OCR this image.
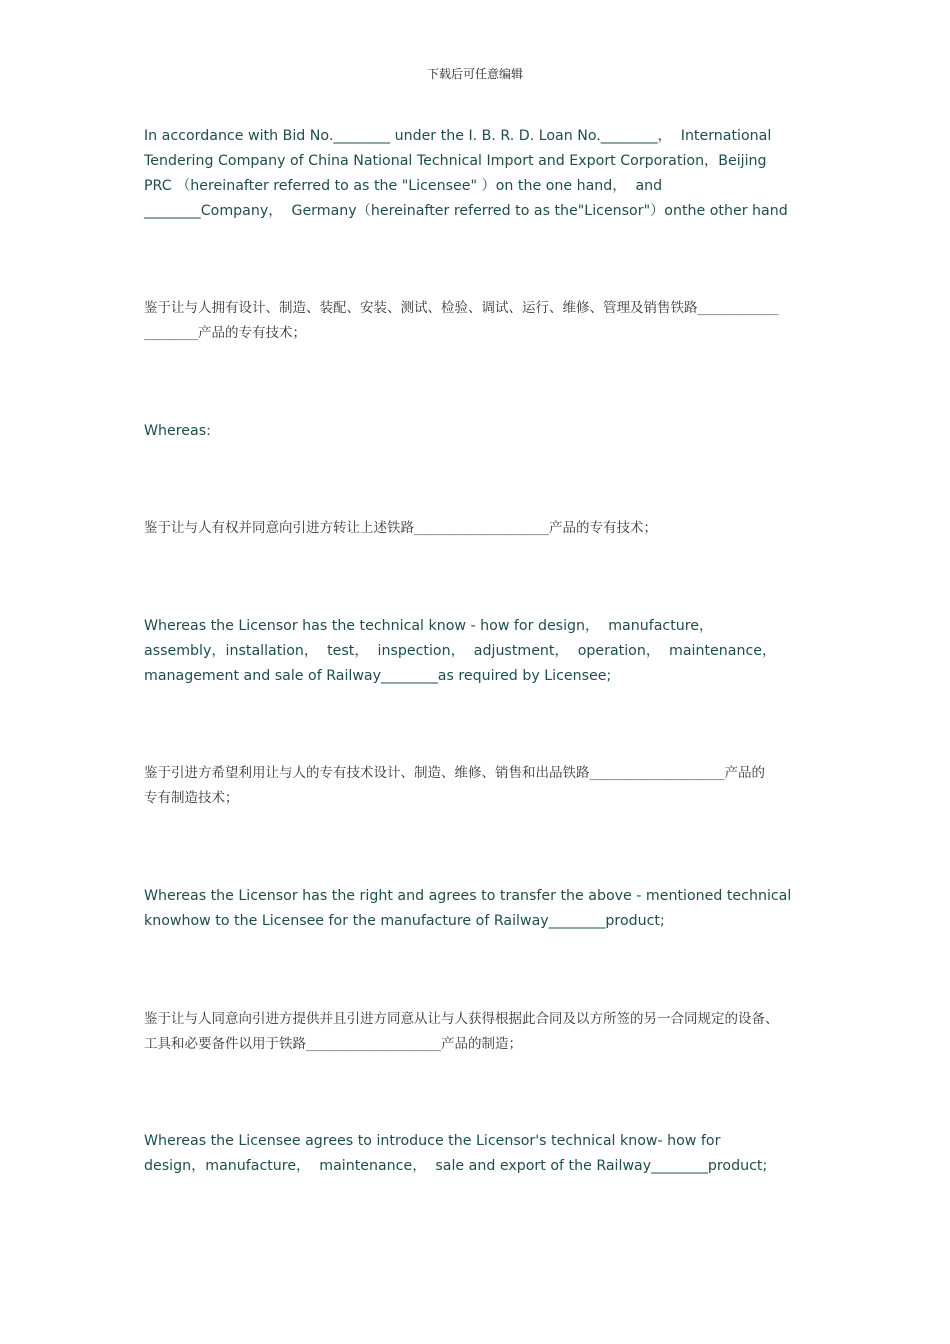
下载后可任意编辑
In accordance with Bid No.________ under the I. B. R. D. Loan No.________，  International
Tendering Company of China National Technical Import and Export Corporation，Beijing
PRC （hereinafter referred to as the "Licensee" ）on the one hand，  and
________Company，  Germany（hereinafter referred to as the"Licensor"）onthe other hand
鉴于让与人拥有设计、制造、装配、安装、测试、检验、调试、运行、维修、管理及销售铁路____________
________产品的专有技术；
Whereas:
鉴于让与人有权并同意向引进方转让上述铁路____________________产品的专有技术；
Whereas the Licensor has the technical know - how for design，  manufacture，
assembly，installation，  test，  inspection，  adjustment，  operation，  maintenance，
management and sale of Railway________as required by Licensee;
鉴于引进方希望利用让与人的专有技术设计、制造、维修、销售和出品铁路____________________产品的
专有制造技术；
Whereas the Licensor has the right and agrees to transfer the above - mentioned technical
knowhow to the Licensee for the manufacture of Railway________product;
鉴于让与人同意向引进方提供并且引进方同意从让与人获得根据此合同及以方所签的另一合同规定的设备、
工具和必要备件以用于铁路____________________产品的制造；
Whereas the Licensee agrees to introduce the Licensor's technical know- how for
design，manufacture，  maintenance，  sale and export of the Railway________product;
